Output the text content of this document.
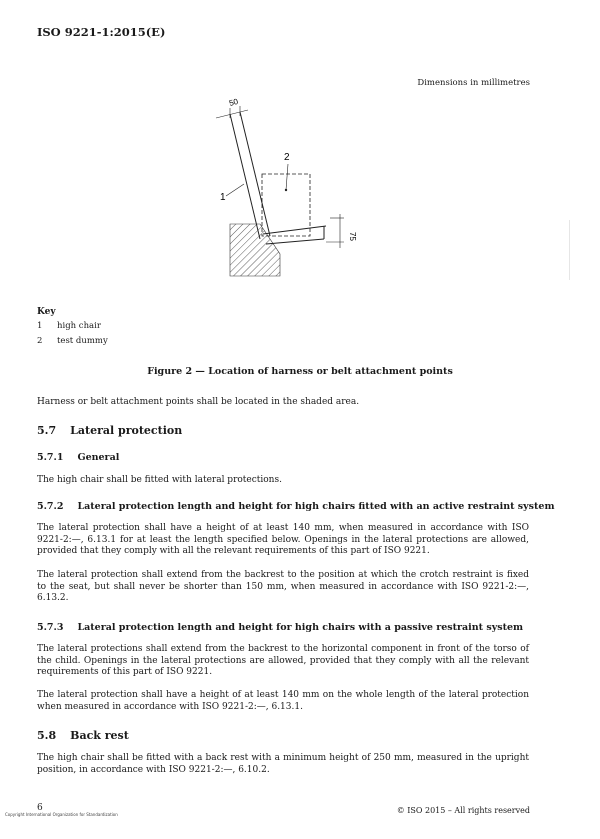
ISO 9221-1:2015(E)
Dimensions in millimetres
50
75
2
1
Key
1 high chair
2 test dummy
Figure 2 — Location of harness or belt attachment points
Harness or belt attachment points shall be located in the shaded area.
5.7 Lateral protection
5.7.1 General
The high chair shall be fitted with lateral protections.
5.7.2 Lateral protection length and height for high chairs fitted with an active restraint system
The lateral protection shall have a height of at least 140 mm, when measured in accordance with ISO 9221-2:—, 6.13.1 for at least the length specified below. Openings in the lateral protections are allowed, provided that they comply with all the relevant requirements of this part of ISO 9221.
The lateral protection shall extend from the backrest to the position at which the crotch restraint is fixed to the seat, but shall never be shorter than 150 mm, when measured in accordance with ISO 9221-2:—, 6.13.2.
5.7.3 Lateral protection length and height for high chairs with a passive restraint system
The lateral protections shall extend from the backrest to the horizontal component in front of the torso of the child. Openings in the lateral protections are allowed, provided that they comply with all the relevant requirements of this part of ISO 9221.
The lateral protection shall have a height of at least 140 mm on the whole length of the lateral protection when measured in accordance with ISO 9221-2:—, 6.13.1.
5.8 Back rest
The high chair shall be fitted with a back rest with a minimum height of 250 mm, measured in the upright position, in accordance with ISO 9221-2:—, 6.10.2.
6
Copyright International Organization for Standardization	© ISO 2015 – All rights reserved
